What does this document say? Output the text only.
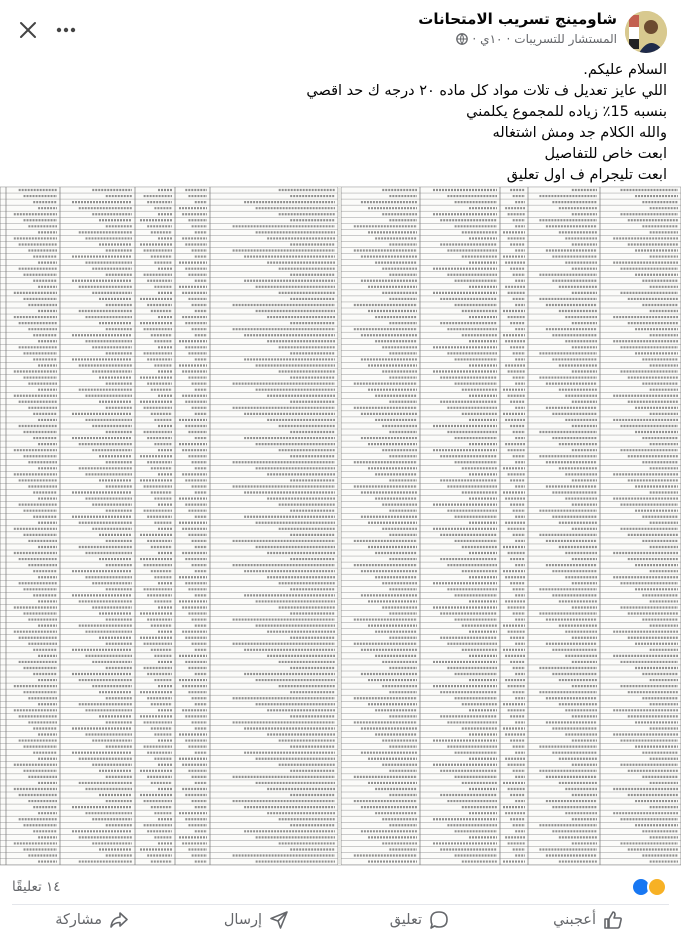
شاومينج تسريب الامتحانات
المستشار للتسريبات
·
١٠ي
·
السلام عليكم.
اللي عايز تعديل ف تلات مواد كل ماده ٢٠ درجه ك حد اقصي
بنسبه 15٪ زياده للمجموع يكلمني
والله الكلام جد ومش اشتغاله
ابعت خاص للتفاصيل
ابعت تليجرام ف اول تعليق
١٤ تعليقًا
أعجبني
تعليق
إرسال
مشاركة
